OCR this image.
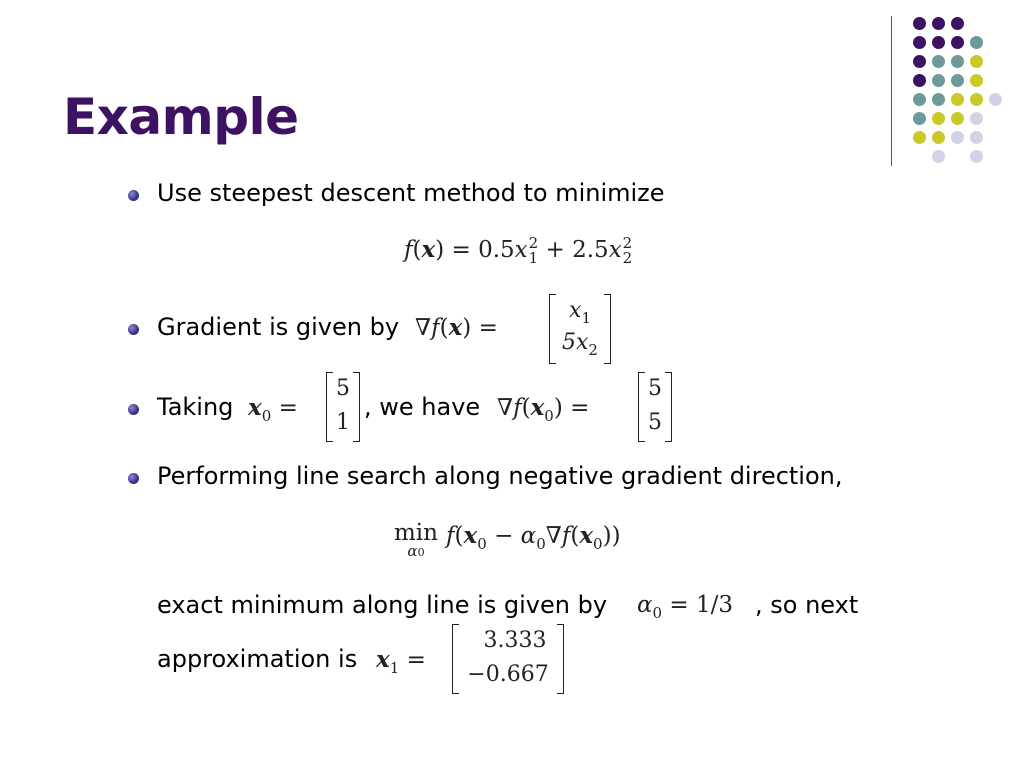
Example
Use steepest descent method to minimize
f(x) = 0.5x2
1 + 2.5x2
2
Gradient is given by ∇f(x) =
$x_1$
$5x_2$
Taking $x_0$ =
5
1
, we have $\nabla f(x_0)$ =
5
5
Performing line search along negative gradient direction,
min
α0
$f(x_0 - \alpha_0\nabla f(x_0))$
exact minimum along line is given by $\alpha_0 = 1/3$ , so next
approximation is $x_1$ =
3.333
−0.667
